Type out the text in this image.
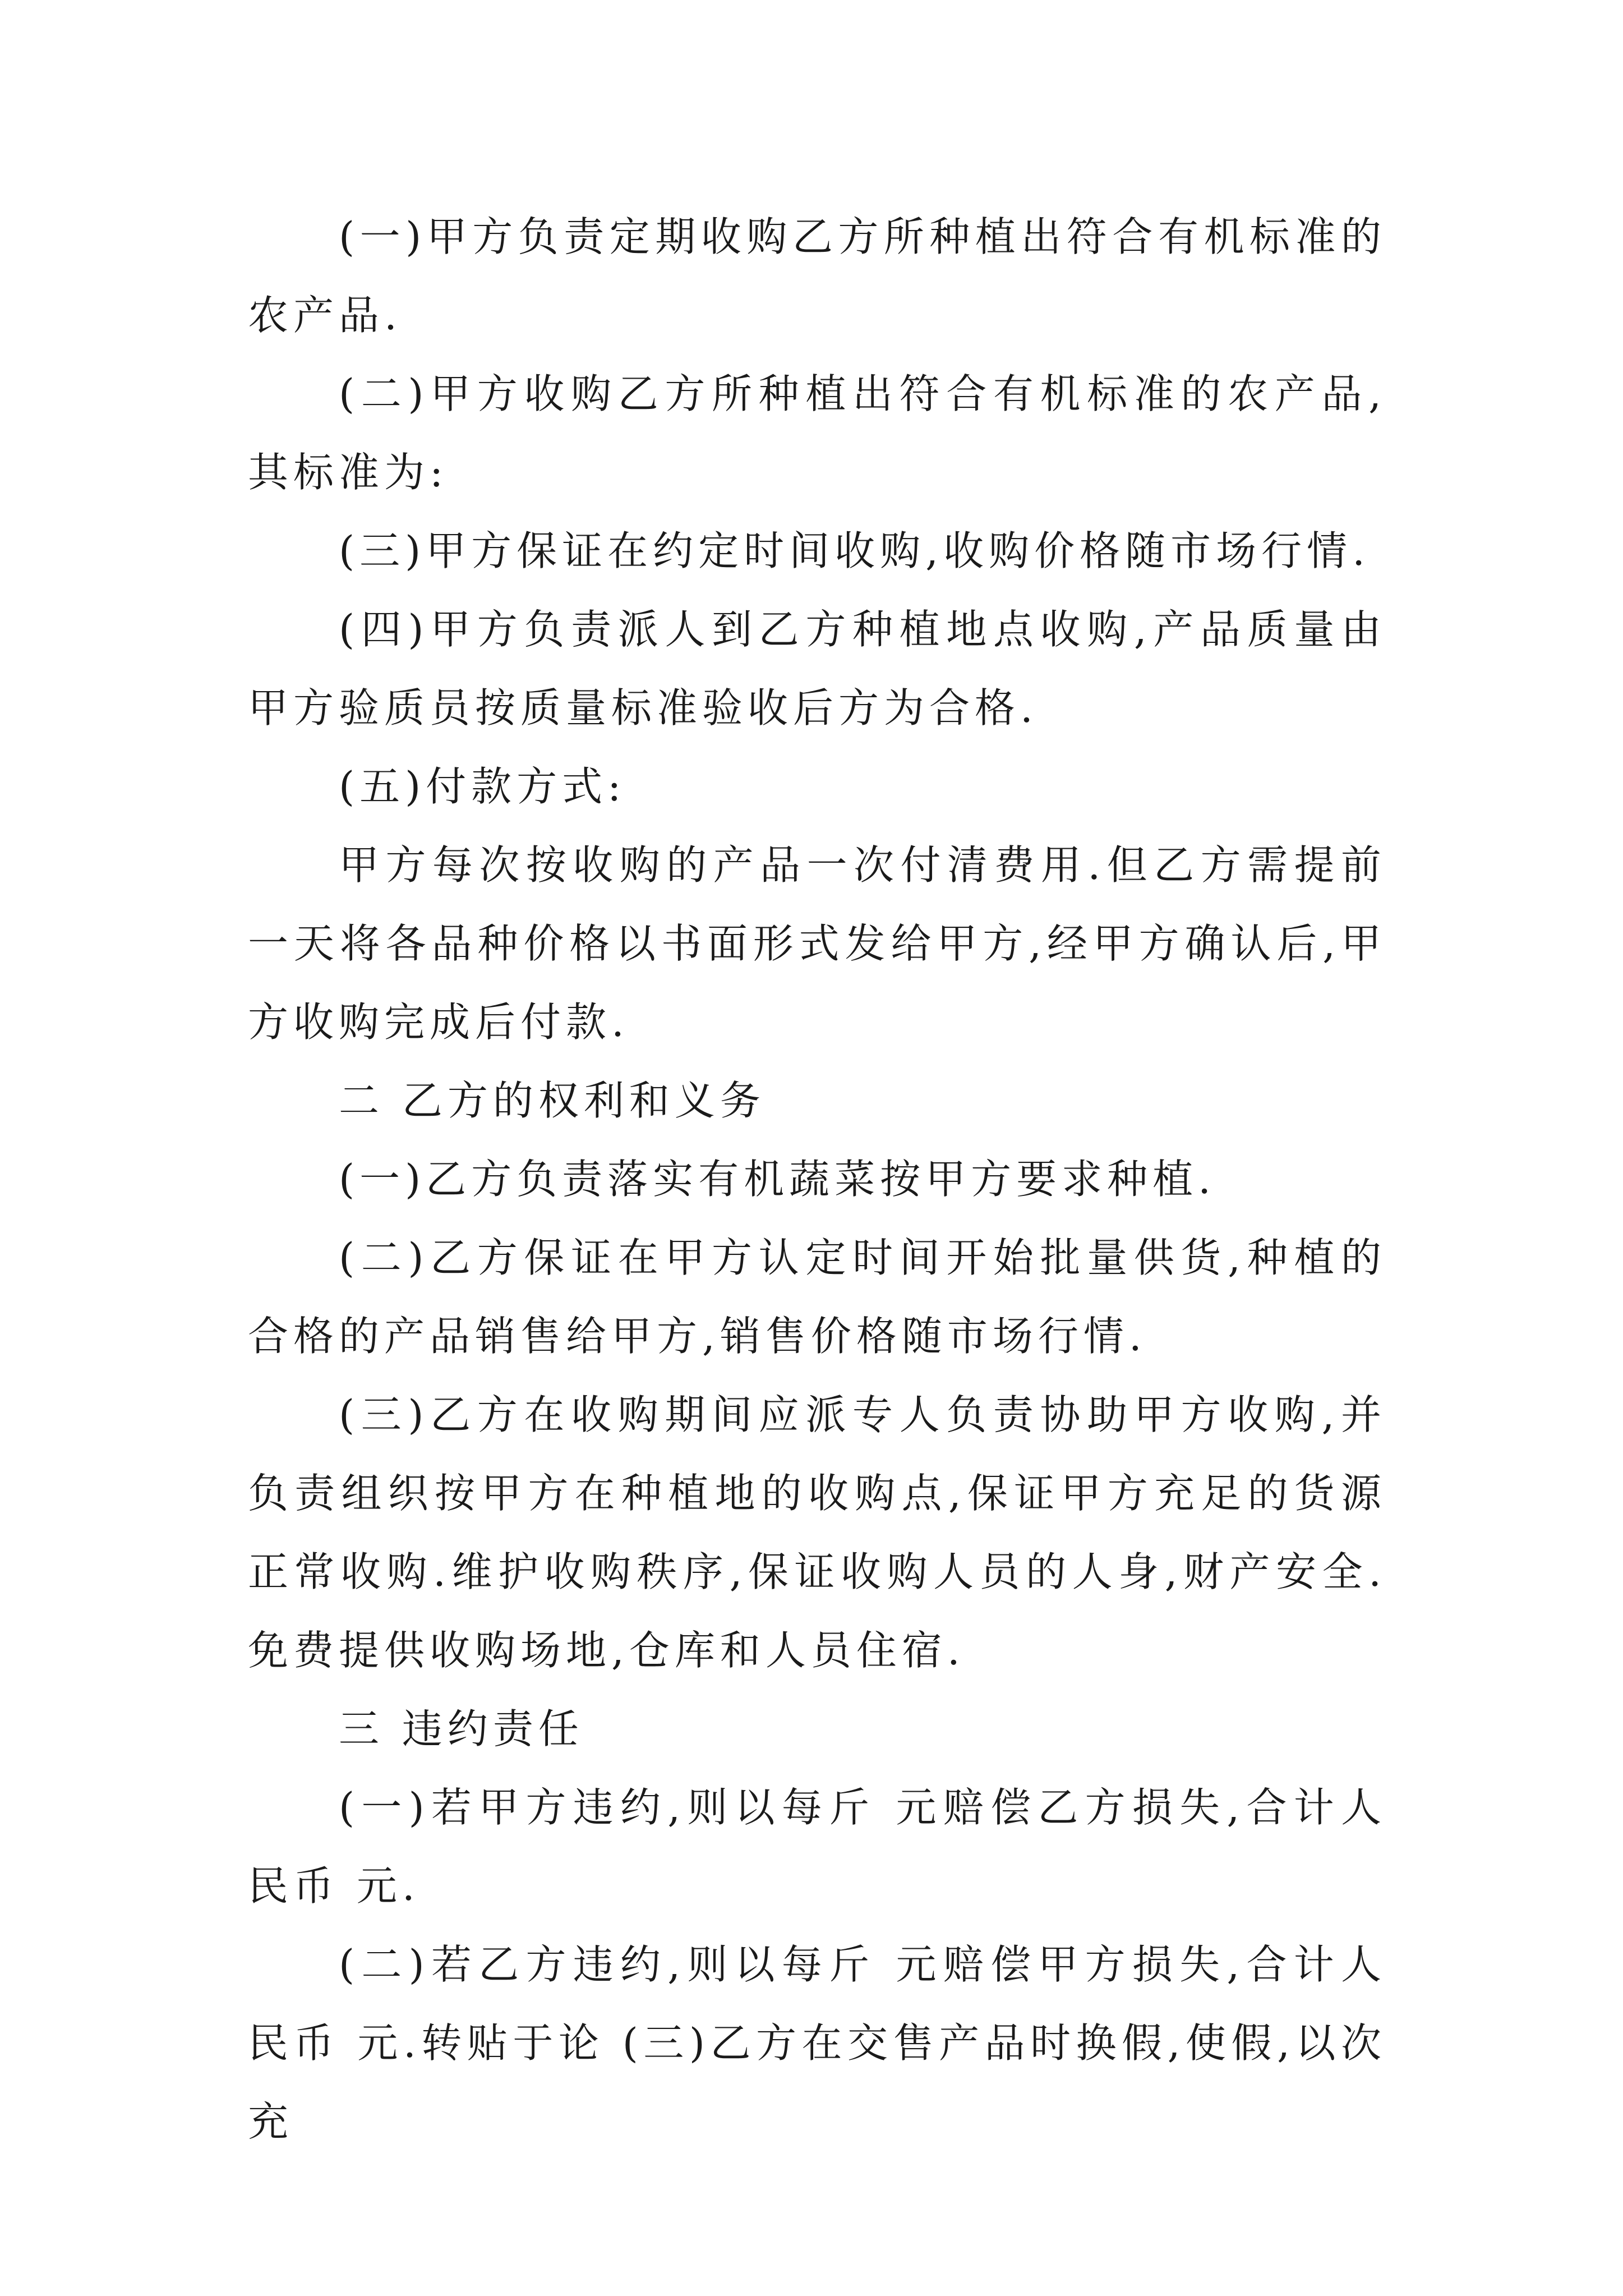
(一)甲方负责定期收购乙方所种植出符合有机标准的农产品.

(二)甲方收购乙方所种植出符合有机标准的农产品,其标准为:

(三)甲方保证在约定时间收购,收购价格随市场行情.

(四)甲方负责派人到乙方种植地点收购,产品质量由甲方验质员按质量标准验收后方为合格.

(五)付款方式:

甲方每次按收购的产品一次付清费用.但乙方需提前一天将各品种价格以书面形式发给甲方,经甲方确认后,甲方收购完成后付款.

二 乙方的权利和义务

(一)乙方负责落实有机蔬菜按甲方要求种植.

(二)乙方保证在甲方认定时间开始批量供货,种植的合格的产品销售给甲方,销售价格随市场行情.

(三)乙方在收购期间应派专人负责协助甲方收购,并负责组织按甲方在种植地的收购点,保证甲方充足的货源正常收购.维护收购秩序,保证收购人员的人身,财产安全.免费提供收购场地,仓库和人员住宿.

三 违约责任

(一)若甲方违约,则以每斤 元赔偿乙方损失,合计人民币 元.

(二)若乙方违约,则以每斤 元赔偿甲方损失,合计人民币 元.转贴于论 (三)乙方在交售产品时换假,使假,以次充
